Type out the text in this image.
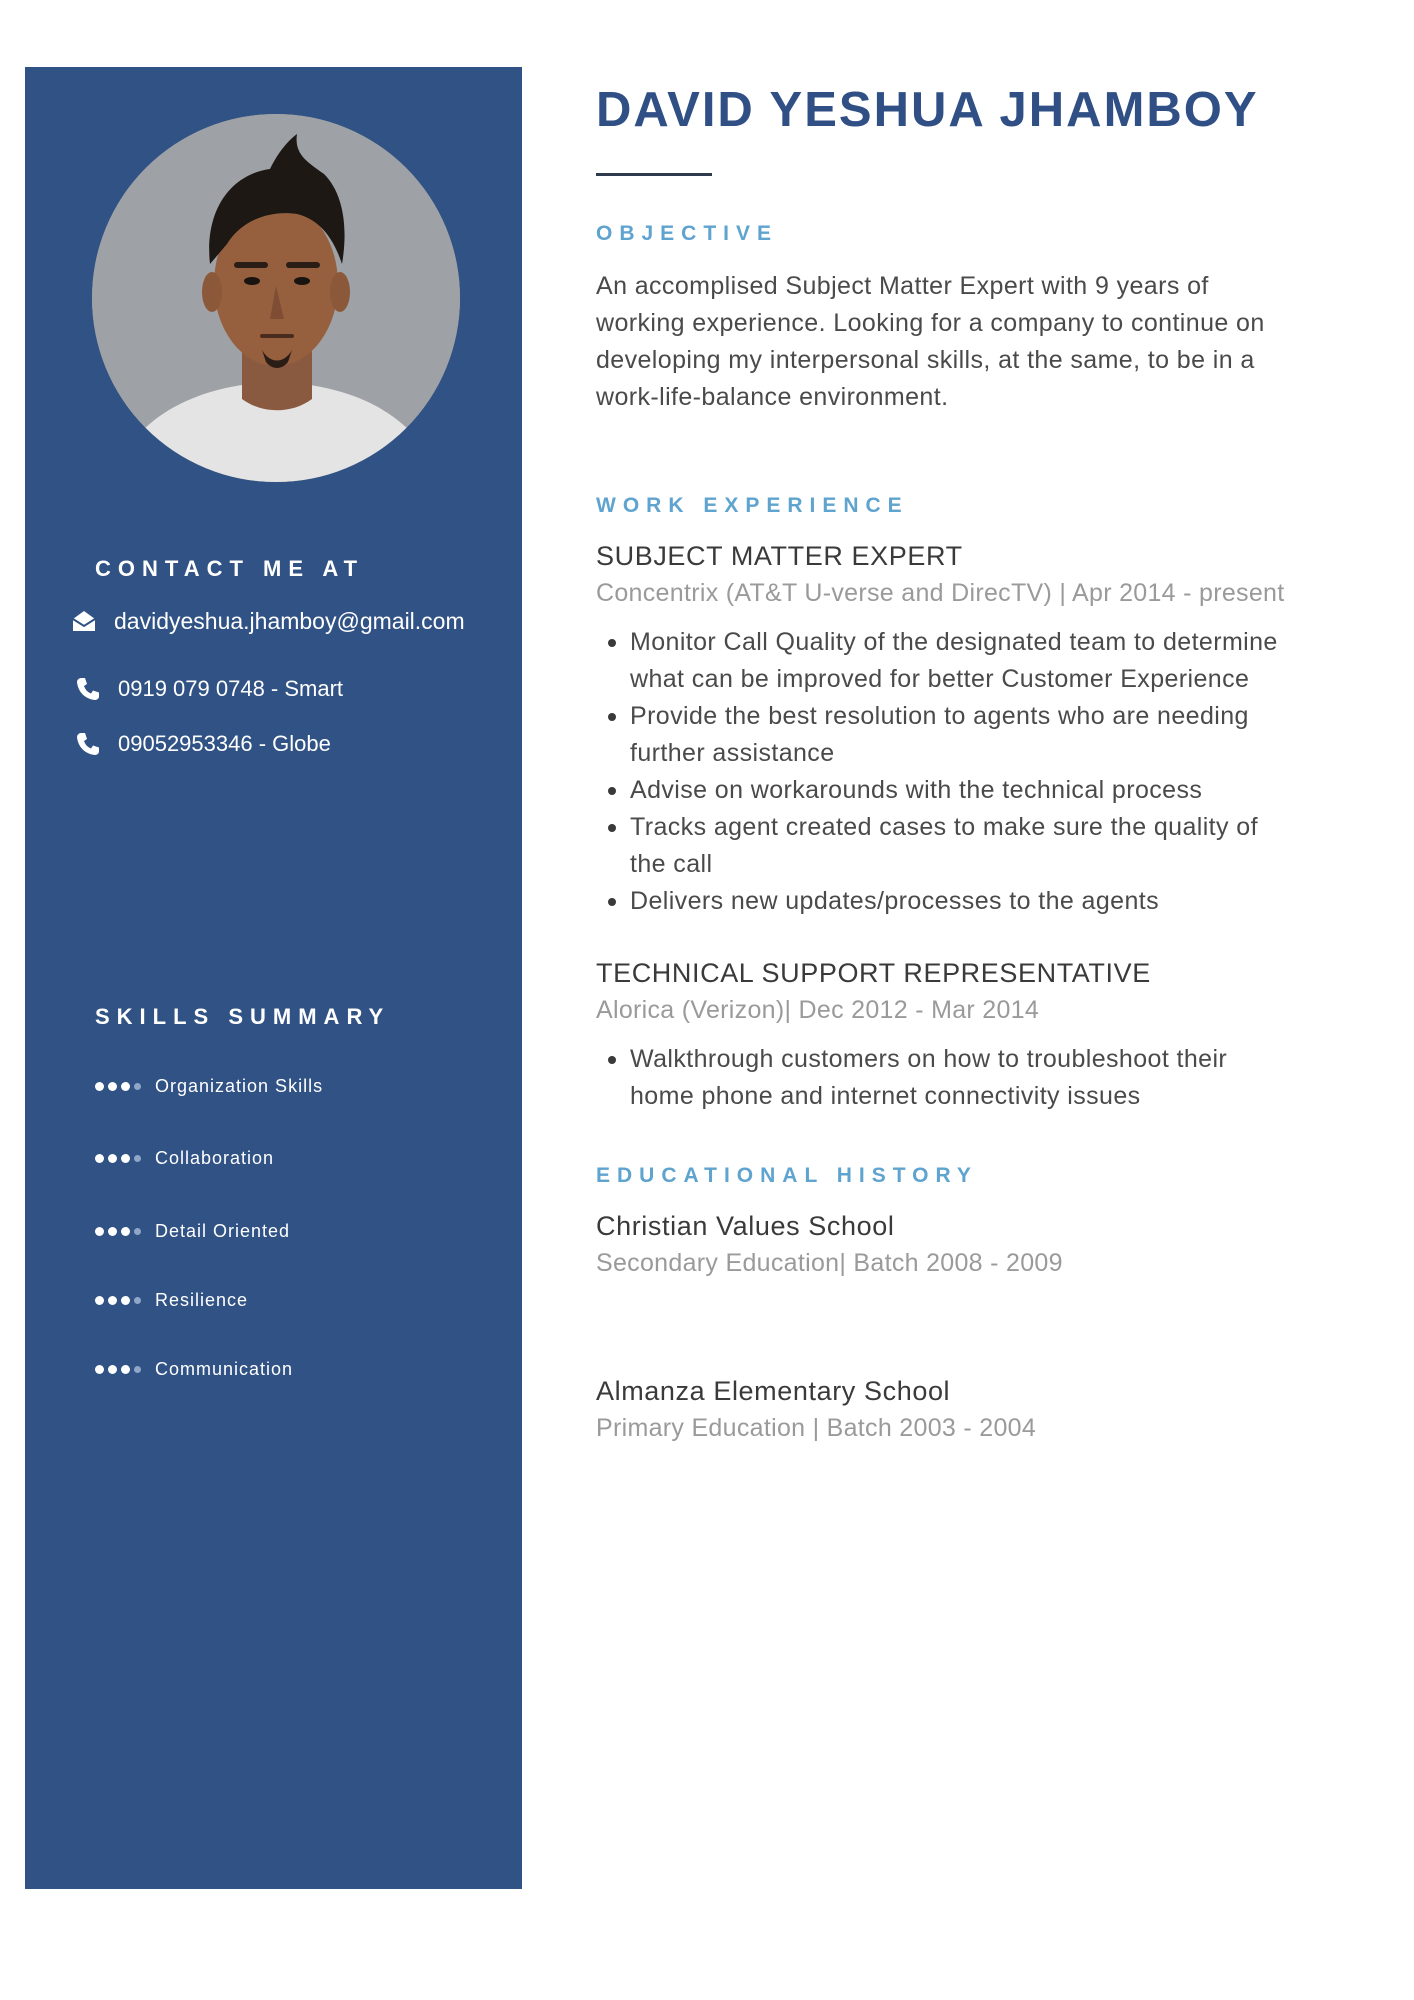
CONTACT ME AT
davidyeshua.jhamboy@gmail.com
0919 079 0748 - Smart
09052953346 - Globe
SKILLS SUMMARY
Organization Skills
Collaboration
Detail Oriented
Resilience
Communication
DAVID YESHUA JHAMBOY
OBJECTIVE
An accomplised Subject Matter Expert with 9 years of
working experience. Looking for a company to continue on
developing my interpersonal skills, at the same, to be in a
work-life-balance environment.
WORK EXPERIENCE
SUBJECT MATTER EXPERT
Concentrix (AT&T U-verse and DirecTV) | Apr 2014 - present
Monitor Call Quality of the designated team to determine
what can be improved for better Customer Experience
Provide the best resolution to agents who are needing
further assistance
Advise on workarounds with the technical process
Tracks agent created cases to make sure the quality of
the call
Delivers new updates/processes to the agents
TECHNICAL SUPPORT REPRESENTATIVE
Alorica (Verizon)| Dec 2012 - Mar 2014
Walkthrough customers on how to troubleshoot their
home phone and internet connectivity issues
EDUCATIONAL HISTORY
Christian Values School
Secondary Education| Batch 2008 - 2009
Almanza Elementary School
Primary Education | Batch 2003 - 2004
